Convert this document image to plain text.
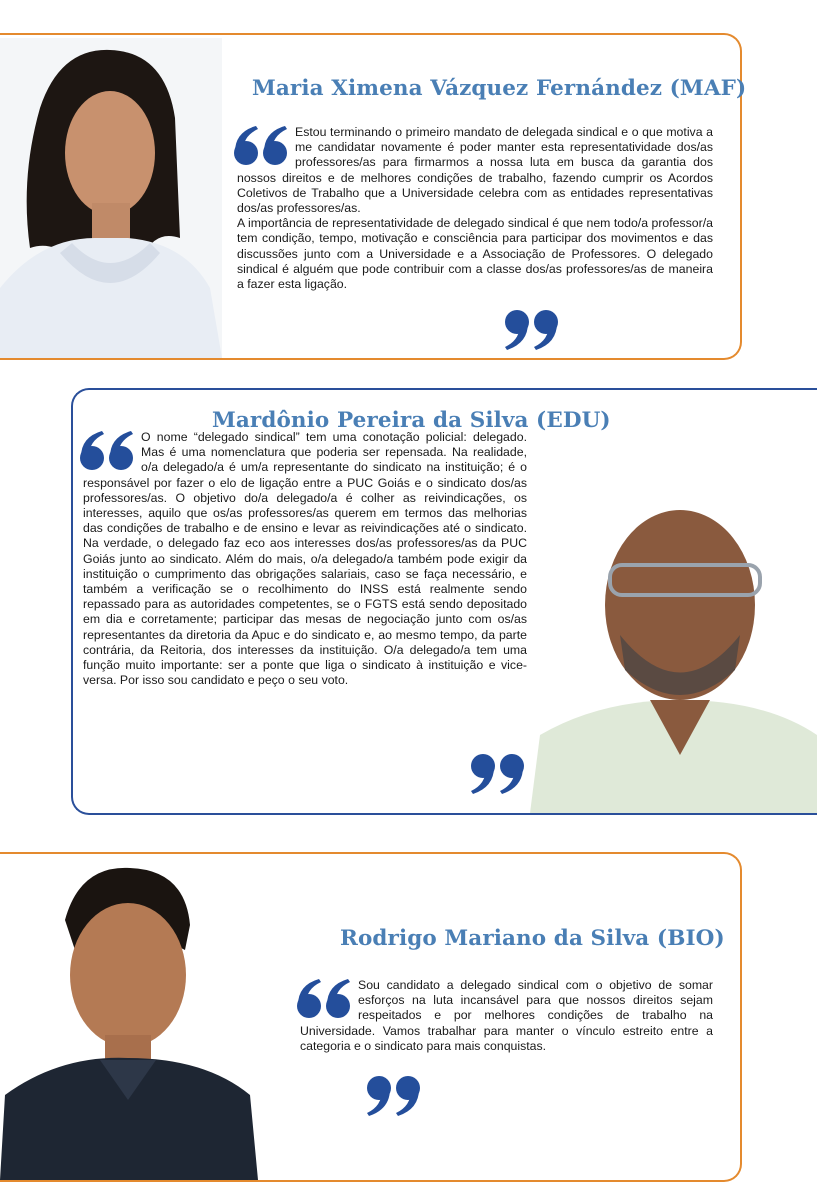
Maria Ximena Vázquez Fernández (MAF)

Estou terminando o primeiro mandato de delegada sindical e o que motiva a me candidatar novamente é poder manter esta representatividade dos/as professores/as para firmarmos a nossa luta em busca da garantia dos nossos direitos e de melhores condições de trabalho, fazendo cumprir os Acordos Coletivos de Trabalho que a Universidade celebra com as entidades representativas dos/as professores/as.

A importância de representatividade de delegado sindical é que nem todo/a professor/a tem condição, tempo, motivação e consciência para participar dos movimentos e das discussões junto com a Universidade e a Associação de Professores. O delegado sindical é alguém que pode contribuir com a classe dos/as professores/as de maneira a fazer esta ligação.

Mardônio Pereira da Silva (EDU)

O nome “delegado sindical” tem uma conotação policial: delegado. Mas é uma nomenclatura que poderia ser repensada. Na realidade, o/a delegado/a é um/a representante do sindicato na instituição; é o responsável por fazer o elo de ligação entre a PUC Goiás e o sindicato dos/as professores/as. O objetivo do/a delegado/a é colher as reivindicações, os interesses, aquilo que os/as professores/as querem em termos das melhorias das condições de trabalho e de ensino e levar as reivindicações até o sindicato. Na verdade, o delegado faz eco aos interesses dos/as professores/as da PUC Goiás junto ao sindicato. Além do mais, o/a delegado/a também pode exigir da instituição o cumprimento das obrigações salariais, caso se faça necessário, e também a verificação se o recolhimento do INSS está realmente sendo repassado para as autoridades competentes, se o FGTS está sendo depositado em dia e corretamente; participar das mesas de negociação junto com os/as representantes da diretoria da Apuc e do sindicato e, ao mesmo tempo, da parte contrária, da Reitoria, dos interesses da instituição. O/a delegado/a tem uma função muito importante: ser a ponte que liga o sindicato à instituição e vice-versa. Por isso sou candidato e peço o seu voto.

Rodrigo Mariano da Silva (BIO)

Sou candidato a delegado sindical com o objetivo de somar esforços na luta incansável para que nossos direitos sejam respeitados e por melhores condições de trabalho na Universidade. Vamos trabalhar para manter o vínculo estreito entre a categoria e o sindicato para mais conquistas.
